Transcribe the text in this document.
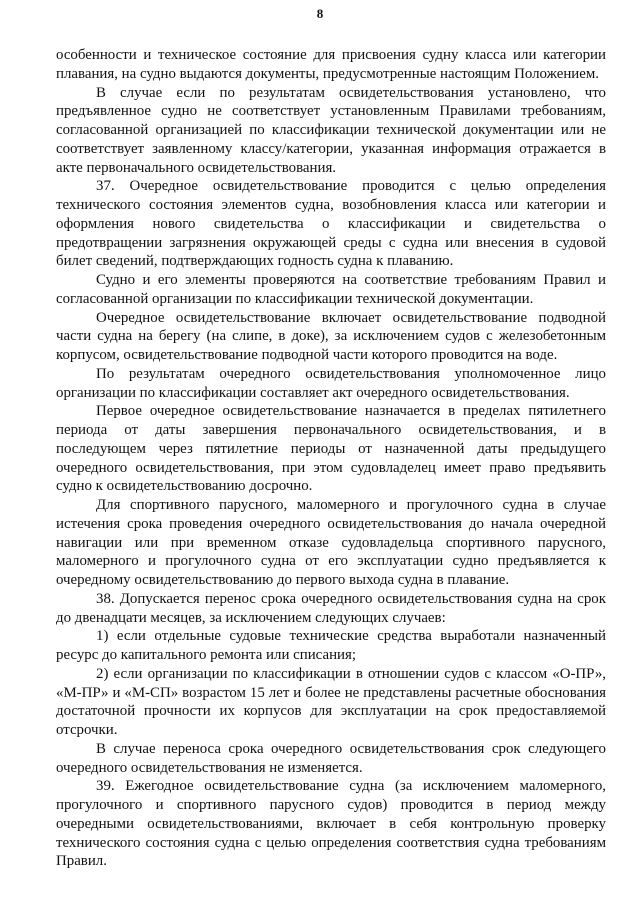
8

особенности и техническое состояние для присвоения судну класса или категории плавания, на судно выдаются документы, предусмотренные настоящим Положением.

В случае если по результатам освидетельствования установлено, что предъявленное судно не соответствует установленным Правилами требованиям, согласованной организацией по классификации технической документации или не соответствует заявленному классу/категории, указанная информация отражается в акте первоначального освидетельствования.

37. Очередное освидетельствование проводится с целью определения технического состояния элементов судна, возобновления класса или категории и оформления нового свидетельства о классификации и свидетельства о предотвращении загрязнения окружающей среды с судна или внесения в судовой билет сведений, подтверждающих годность судна к плаванию.

Судно и его элементы проверяются на соответствие требованиям Правил и согласованной организации по классификации технической документации.

Очередное освидетельствование включает освидетельствование подводной части судна на берегу (на слипе, в доке), за исключением судов с железобетонным корпусом, освидетельствование подводной части которого проводится на воде.

По результатам очередного освидетельствования уполномоченное лицо организации по классификации составляет акт очередного освидетельствования.

Первое очередное освидетельствование назначается в пределах пятилетнего периода от даты завершения первоначального освидетельствования, и в последующем через пятилетние периоды от назначенной даты предыдущего очередного освидетельствования, при этом судовладелец имеет право предъявить судно к освидетельствованию досрочно.

Для спортивного парусного, маломерного и прогулочного судна в случае истечения срока проведения очередного освидетельствования до начала очередной навигации или при временном отказе судовладельца спортивного парусного, маломерного и прогулочного судна от его эксплуатации судно предъявляется к очередному освидетельствованию до первого выхода судна в плавание.

38. Допускается перенос срока очередного освидетельствования судна на срок до двенадцати месяцев, за исключением следующих случаев:

1) если отдельные судовые технические средства выработали назначенный ресурс до капитального ремонта или списания;

2) если организации по классификации в отношении судов с классом «О-ПР», «М-ПР» и «М-СП» возрастом 15 лет и более не представлены расчетные обоснования достаточной прочности их корпусов для эксплуатации на срок предоставляемой отсрочки.

В случае переноса срока очередного освидетельствования срок следующего очередного освидетельствования не изменяется.

39. Ежегодное освидетельствование судна (за исключением маломерного, прогулочного и спортивного парусного судов) проводится в период между очередными освидетельствованиями, включает в себя контрольную проверку технического состояния судна с целью определения соответствия судна требованиям Правил.
